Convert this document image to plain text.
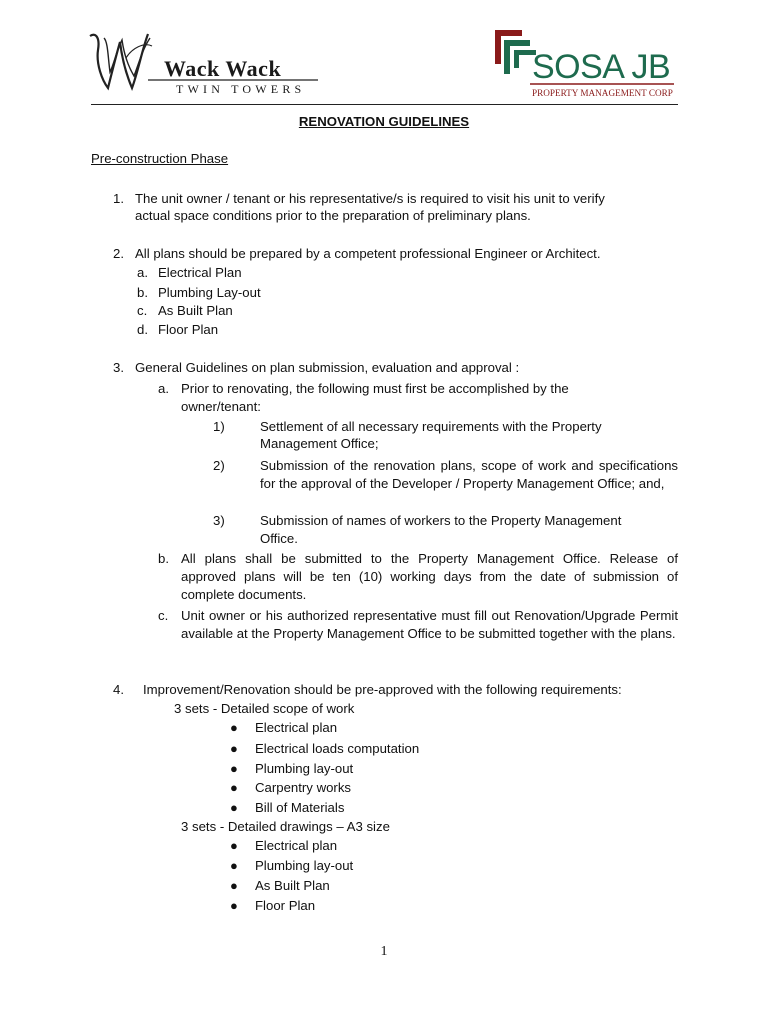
Wack Wack
TWIN TOWERS
SOSA JB
PROPERTY MANAGEMENT CORP
RENOVATION GUIDELINES
Pre-construction Phase
1. The unit owner / tenant or his representative/s is required to visit his unit to verify
actual space conditions prior to the preparation of preliminary plans.
2. All plans should be prepared by a competent professional Engineer or Architect.
a. Electrical Plan
b. Plumbing Lay-out
c. As Built Plan
d. Floor Plan
3. General Guidelines on plan submission, evaluation and approval :
a. Prior to renovating, the following must first be accomplished by the
owner/tenant:
1)	Settlement of all necessary requirements with the Property
Management Office;
2)	Submission of the renovation plans, scope of work and specifications for the approval of the Developer / Property Management Office; and,
3)	Submission of names of workers to the Property Management
Office.
b. All plans shall be submitted to the Property Management Office. Release of approved plans will be ten (10) working days from the date of submission of complete documents.
c. Unit owner or his authorized representative must fill out Renovation/Upgrade Permit available at the Property Management Office to be submitted together with the plans.
4. Improvement/Renovation should be pre-approved with the following requirements:
3 sets - Detailed scope of work
● Electrical plan
● Electrical loads computation
● Plumbing lay-out
● Carpentry works
● Bill of Materials
3 sets - Detailed drawings – A3 size
● Electrical plan
● Plumbing lay-out
● As Built Plan
● Floor Plan
1
